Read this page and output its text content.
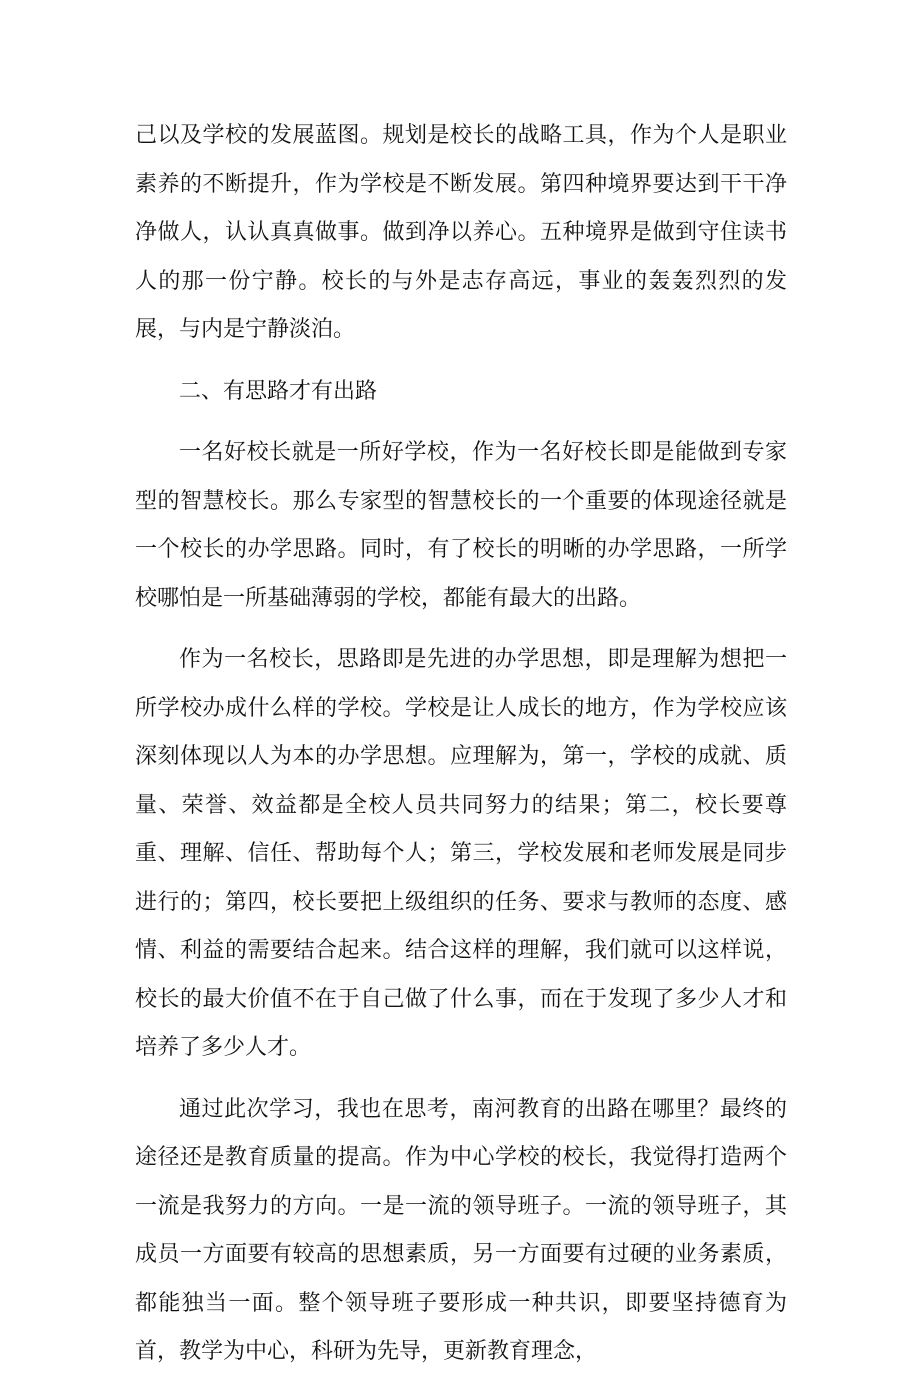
己以及学校的发展蓝图。规划是校长的战略工具，作为个人是职业素养的不断提升，作为学校是不断发展。第四种境界要达到干干净净做人，认认真真做事。做到净以养心。五种境界是做到守住读书人的那一份宁静。校长的与外是志存高远，事业的轰轰烈烈的发展，与内是宁静淡泊。

二、有思路才有出路

一名好校长就是一所好学校，作为一名好校长即是能做到专家型的智慧校长。那么专家型的智慧校长的一个重要的体现途径就是一个校长的办学思路。同时，有了校长的明晰的办学思路，一所学校哪怕是一所基础薄弱的学校，都能有最大的出路。

作为一名校长，思路即是先进的办学思想，即是理解为想把一所学校办成什么样的学校。学校是让人成长的地方，作为学校应该深刻体现以人为本的办学思想。应理解为，第一，学校的成就、质量、荣誉、效益都是全校人员共同努力的结果；第二，校长要尊重、理解、信任、帮助每个人；第三，学校发展和老师发展是同步进行的；第四，校长要把上级组织的任务、要求与教师的态度、感情、利益的需要结合起来。结合这样的理解，我们就可以这样说，校长的最大价值不在于自己做了什么事，而在于发现了多少人才和培养了多少人才。

通过此次学习，我也在思考，南河教育的出路在哪里？最终的途径还是教育质量的提高。作为中心学校的校长，我觉得打造两个一流是我努力的方向。一是一流的领导班子。一流的领导班子，其成员一方面要有较高的思想素质，另一方面要有过硬的业务素质，都能独当一面。整个领导班子要形成一种共识，即要坚持德育为首，教学为中心，科研为先导，更新教育理念，
